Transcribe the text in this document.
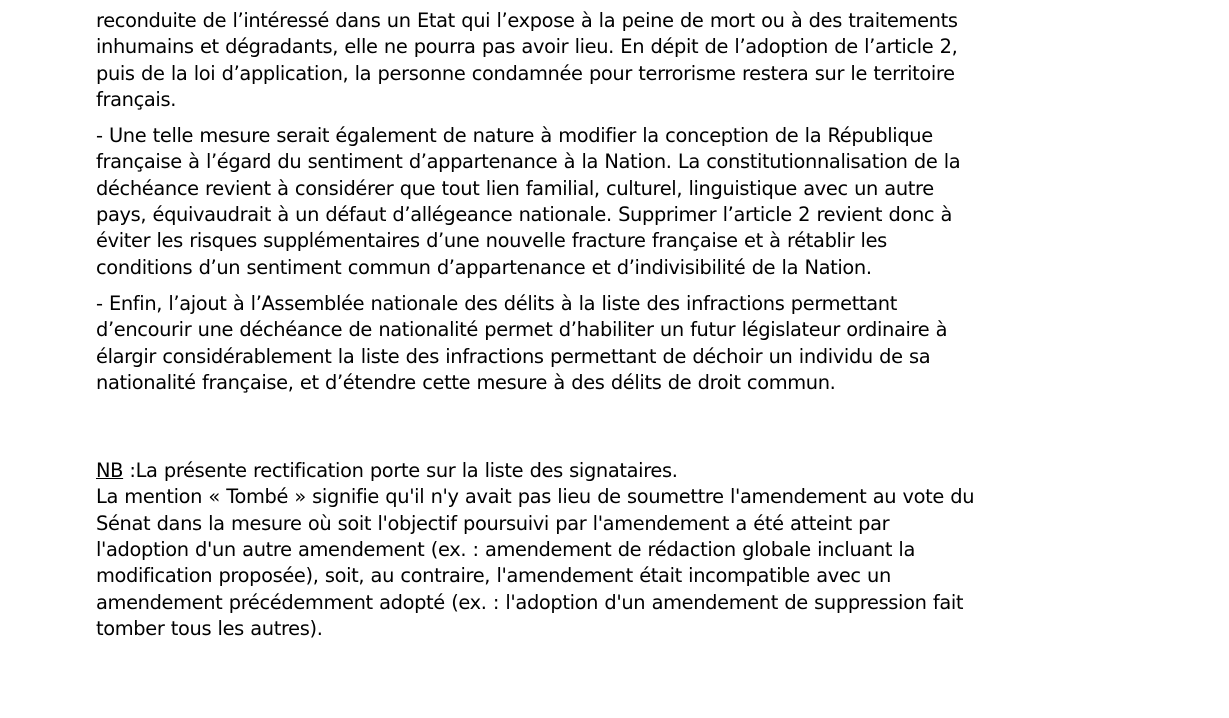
reconduite de l’intéressé dans un Etat qui l’expose à la peine de mort ou à des traitements
inhumains et dégradants, elle ne pourra pas avoir lieu. En dépit de l’adoption de l’article 2,
puis de la loi d’application, la personne condamnée pour terrorisme restera sur le territoire
français.

- Une telle mesure serait également de nature à modifier la conception de la République
française à l’égard du sentiment d’appartenance à la Nation. La constitutionnalisation de la
déchéance revient à considérer que tout lien familial, culturel, linguistique avec un autre
pays, équivaudrait à un défaut d’allégeance nationale. Supprimer l’article 2 revient donc à
éviter les risques supplémentaires d’une nouvelle fracture française et à rétablir les
conditions d’un sentiment commun d’appartenance et d’indivisibilité de la Nation.

- Enfin, l’ajout à l’Assemblée nationale des délits à la liste des infractions permettant
d’encourir une déchéance de nationalité permet d’habiliter un futur législateur ordinaire à
élargir considérablement la liste des infractions permettant de déchoir un individu de sa
nationalité française, et d’étendre cette mesure à des délits de droit commun.

NB :La présente rectification porte sur la liste des signataires.
La mention « Tombé » signifie qu'il n'y avait pas lieu de soumettre l'amendement au vote du
Sénat dans la mesure où soit l'objectif poursuivi par l'amendement a été atteint par
l'adoption d'un autre amendement (ex. : amendement de rédaction globale incluant la
modification proposée), soit, au contraire, l'amendement était incompatible avec un
amendement précédemment adopté (ex. : l'adoption d'un amendement de suppression fait
tomber tous les autres).
